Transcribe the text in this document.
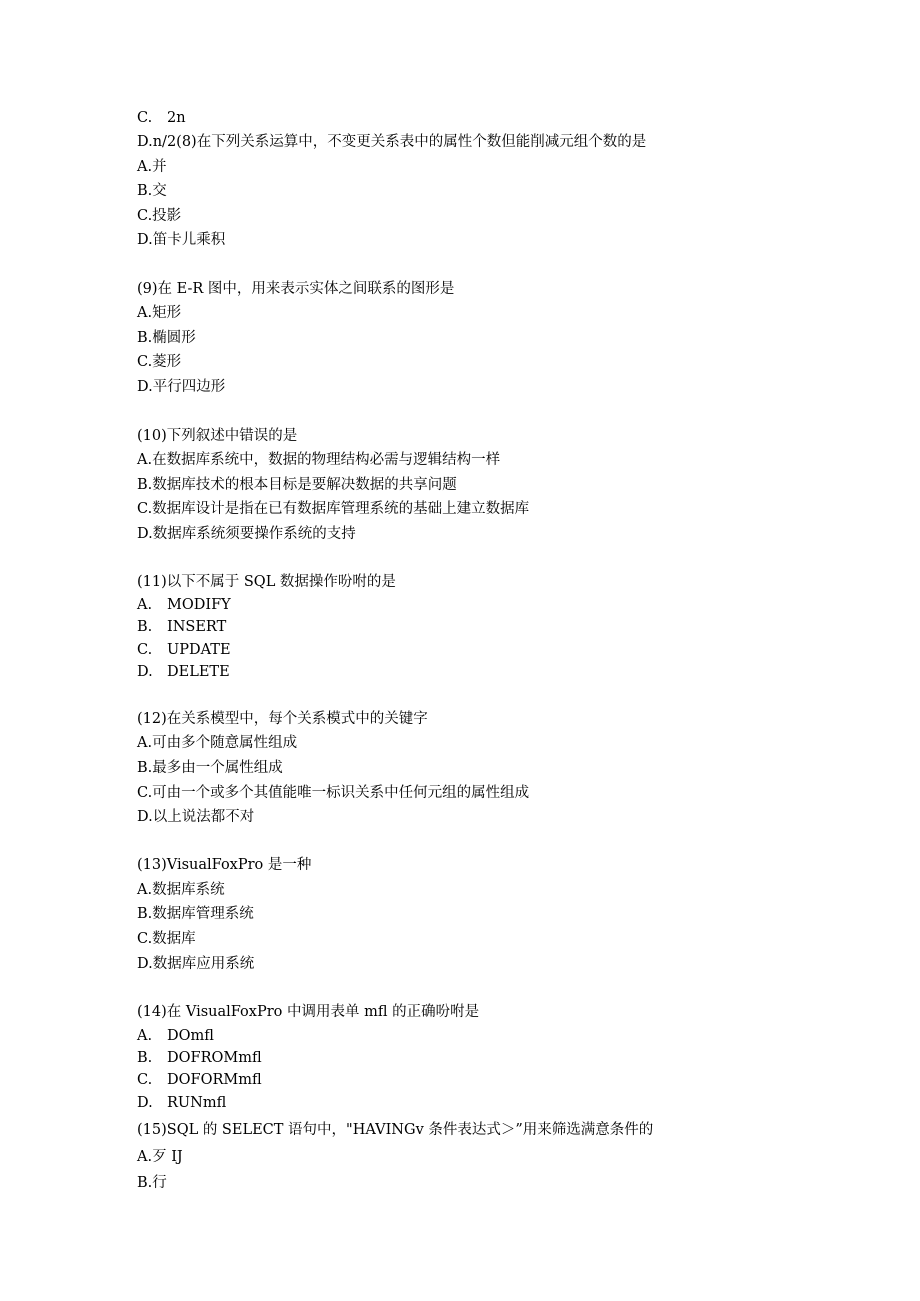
C. 2n
D.n/2(8)在下列关系运算中，不变更关系表中的属性个数但能削减元组个数的是
A.并
B.交
C.投影
D.笛卡儿乘积
(9)在 E-R 图中，用来表示实体之间联系的图形是
A.矩形
B.椭圆形
C.菱形
D.平行四边形
(10)下列叙述中错误的是
A.在数据库系统中，数据的物理结构必需与逻辑结构一样
B.数据库技术的根本目标是要解决数据的共享问题
C.数据库设计是指在已有数据库管理系统的基础上建立数据库
D.数据库系统须要操作系统的支持
(11)以下不属于 SQL 数据操作吩咐的是
A. MODIFY
B. INSERT
C. UPDATE
D. DELETE
(12)在关系模型中，每个关系模式中的关键字
A.可由多个随意属性组成
B.最多由一个属性组成
C.可由一个或多个其值能唯一标识关系中任何元组的属性组成
D.以上说法都不对
(13)VisualFoxPro 是一种
A.数据库系统
B.数据库管理系统
C.数据库
D.数据库应用系统
(14)在 VisualFoxPro 中调用表单 mfl 的正确吩咐是
A. DOmfl
B. DOFROMmfl
C. DOFORMmfl
D. RUNmfl
(15)SQL 的 SELECT 语句中，"HAVINGv 条件表达式＞”用来筛选满意条件的
A.歹 IJ
B.行
